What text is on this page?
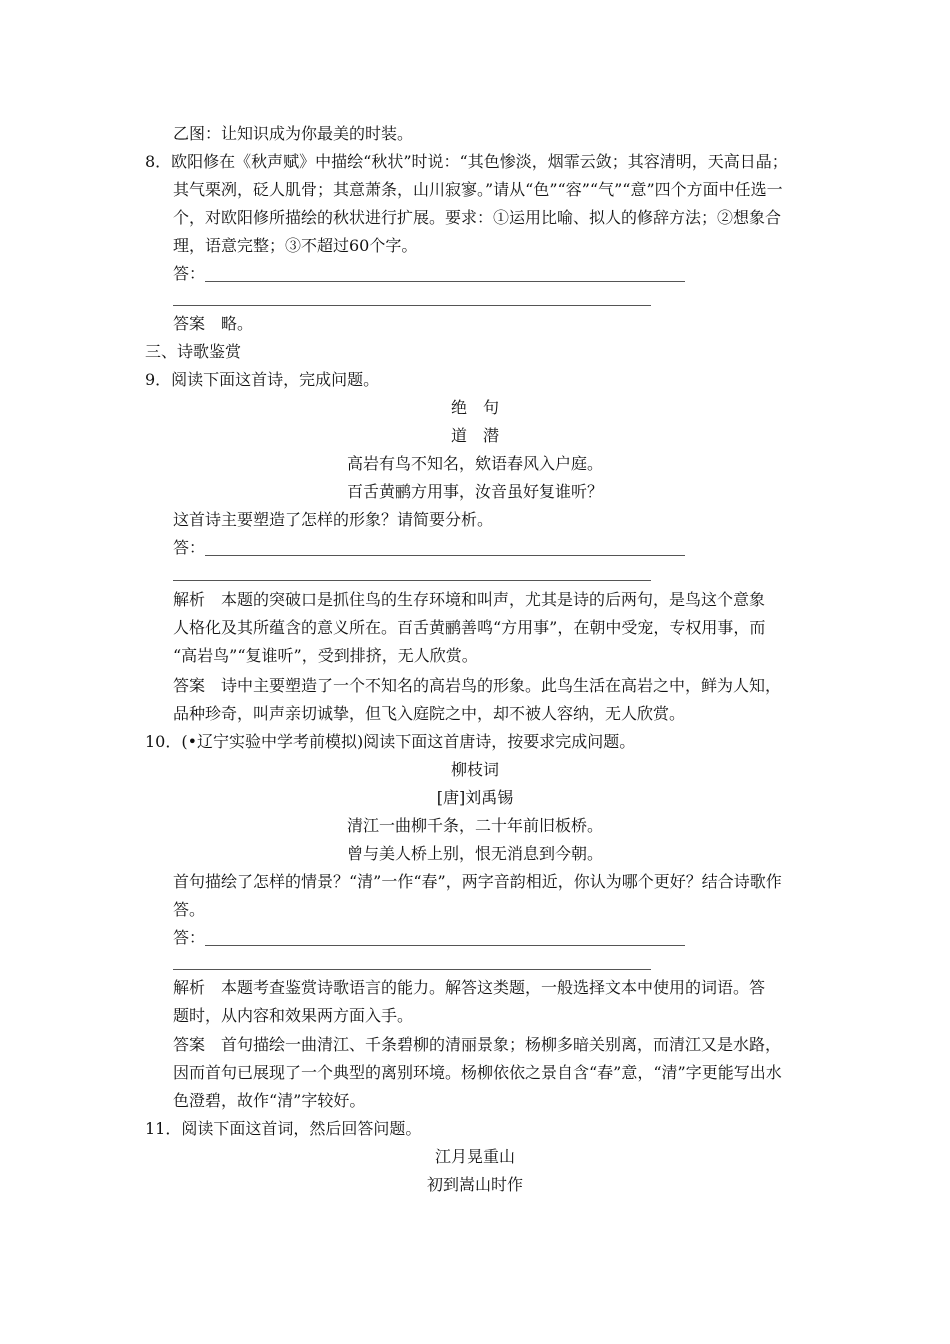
乙图：让知识成为你最美的时装。
8．欧阳修在《秋声赋》中描绘“秋状”时说：“其色惨淡，烟霏云敛；其容清明，天高日晶；
其气栗冽，砭人肌骨；其意萧条，山川寂寥。”请从“色”“容”“气”“意”四个方面中任选一
个，对欧阳修所描绘的秋状进行扩展。要求：①运用比喻、拟人的修辞方法；②想象合
理，语意完整；③不超过60个字。
答：
答案 略。
三、诗歌鉴赏
9．阅读下面这首诗，完成问题。
绝　句
道　潜
高岩有鸟不知名，欸语春风入户庭。
百舌黄鹂方用事，汝音虽好复谁听？
这首诗主要塑造了怎样的形象？请简要分析。
答：
解析 本题的突破口是抓住鸟的生存环境和叫声，尤其是诗的后两句，是鸟这个意象
人格化及其所蕴含的意义所在。百舌黄鹂善鸣“方用事”，在朝中受宠，专权用事，而
“高岩鸟”“复谁听”，受到排挤，无人欣赏。
答案 诗中主要塑造了一个不知名的高岩鸟的形象。此鸟生活在高岩之中，鲜为人知，
品种珍奇，叫声亲切诚挚，但飞入庭院之中，却不被人容纳，无人欣赏。
10．(•辽宁实验中学考前模拟)阅读下面这首唐诗，按要求完成问题。
柳枝词
[唐]刘禹锡
清江一曲柳千条，二十年前旧板桥。
曾与美人桥上别，恨无消息到今朝。
首句描绘了怎样的情景？“清”一作“春”，两字音韵相近，你认为哪个更好？结合诗歌作
答。
答：
解析 本题考查鉴赏诗歌语言的能力。解答这类题，一般选择文本中使用的词语。答
题时，从内容和效果两方面入手。
答案 首句描绘一曲清江、千条碧柳的清丽景象；杨柳多暗关别离，而清江又是水路，
因而首句已展现了一个典型的离别环境。杨柳依依之景自含“春”意，“清”字更能写出水
色澄碧，故作“清”字较好。
11．阅读下面这首词，然后回答问题。
江月晃重山
初到嵩山时作
